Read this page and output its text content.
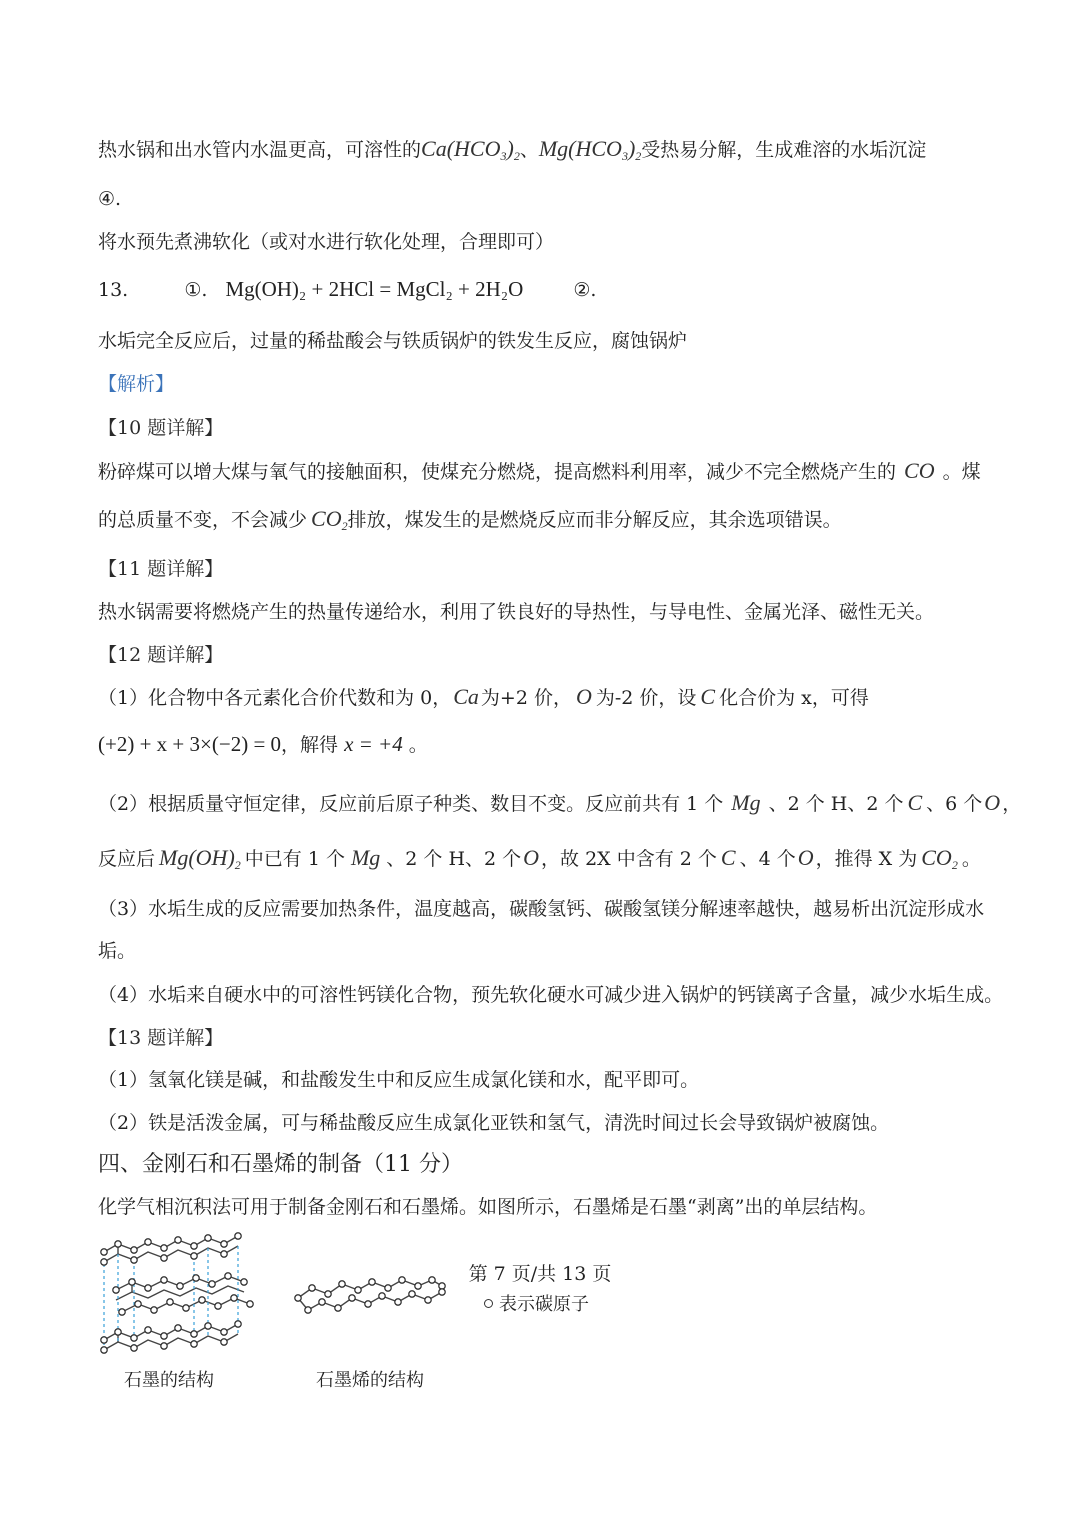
热水锅和出水管内水温更高，可溶性的$Ca(HCO_3)_2$、$Mg(HCO_3)_2$受热易分解，生成难溶的水垢沉淀
④.
将水预先煮沸软化（或对水进行软化处理，合理即可）
13.	①. Mg(OH)₂ + 2HCl = MgCl₂ + 2H₂O	②.
水垢完全反应后，过量的稀盐酸会与铁质锅炉的铁发生反应，腐蚀锅炉
【解析】
【10 题详解】
粉碎煤可以增大煤与氧气的接触面积，使煤充分燃烧，提高燃料利用率，减少不完全燃烧产生的 CO 。煤
的总质量不变，不会减少 $CO_2$排放，煤发生的是燃烧反应而非分解反应，其余选项错误。
【11 题详解】
热水锅需要将燃烧产生的热量传递给水，利用了铁良好的导热性，与导电性、金属光泽、磁性无关。
【12 题详解】
（1）化合物中各元素化合价代数和为 0，Ca 为+2 价， O 为-2 价，设 C 化合价为 x，可得
(+2) + x + 3×(−2) = 0，解得 x = +4 。
（2）根据质量守恒定律，反应前后原子种类、数目不变。反应前共有 1 个 Mg 、2 个 H、2 个 C 、6 个O ，
反应后 $Mg(OH)_2$ 中已有 1 个 Mg 、2 个 H、2 个O ，故 2X 中含有 2 个 C 、4 个O ，推得 X 为 $CO_2$ 。
（3）水垢生成的反应需要加热条件，温度越高，碳酸氢钙、碳酸氢镁分解速率越快，越易析出沉淀形成水
垢。
（4）水垢来自硬水中的可溶性钙镁化合物，预先软化硬水可减少进入锅炉的钙镁离子含量，减少水垢生成。
【13 题详解】
（1）氢氧化镁是碱，和盐酸发生中和反应生成氯化镁和水，配平即可。
（2）铁是活泼金属，可与稀盐酸反应生成氯化亚铁和氢气，清洗时间过长会导致锅炉被腐蚀。
四、金刚石和石墨烯的制备（11 分）
化学气相沉积法可用于制备金刚石和石墨烯。如图所示，石墨烯是石墨“剥离”出的单层结构。
石墨的结构	石墨烯的结构
表示碳原子
第 7 页/共 13 页
